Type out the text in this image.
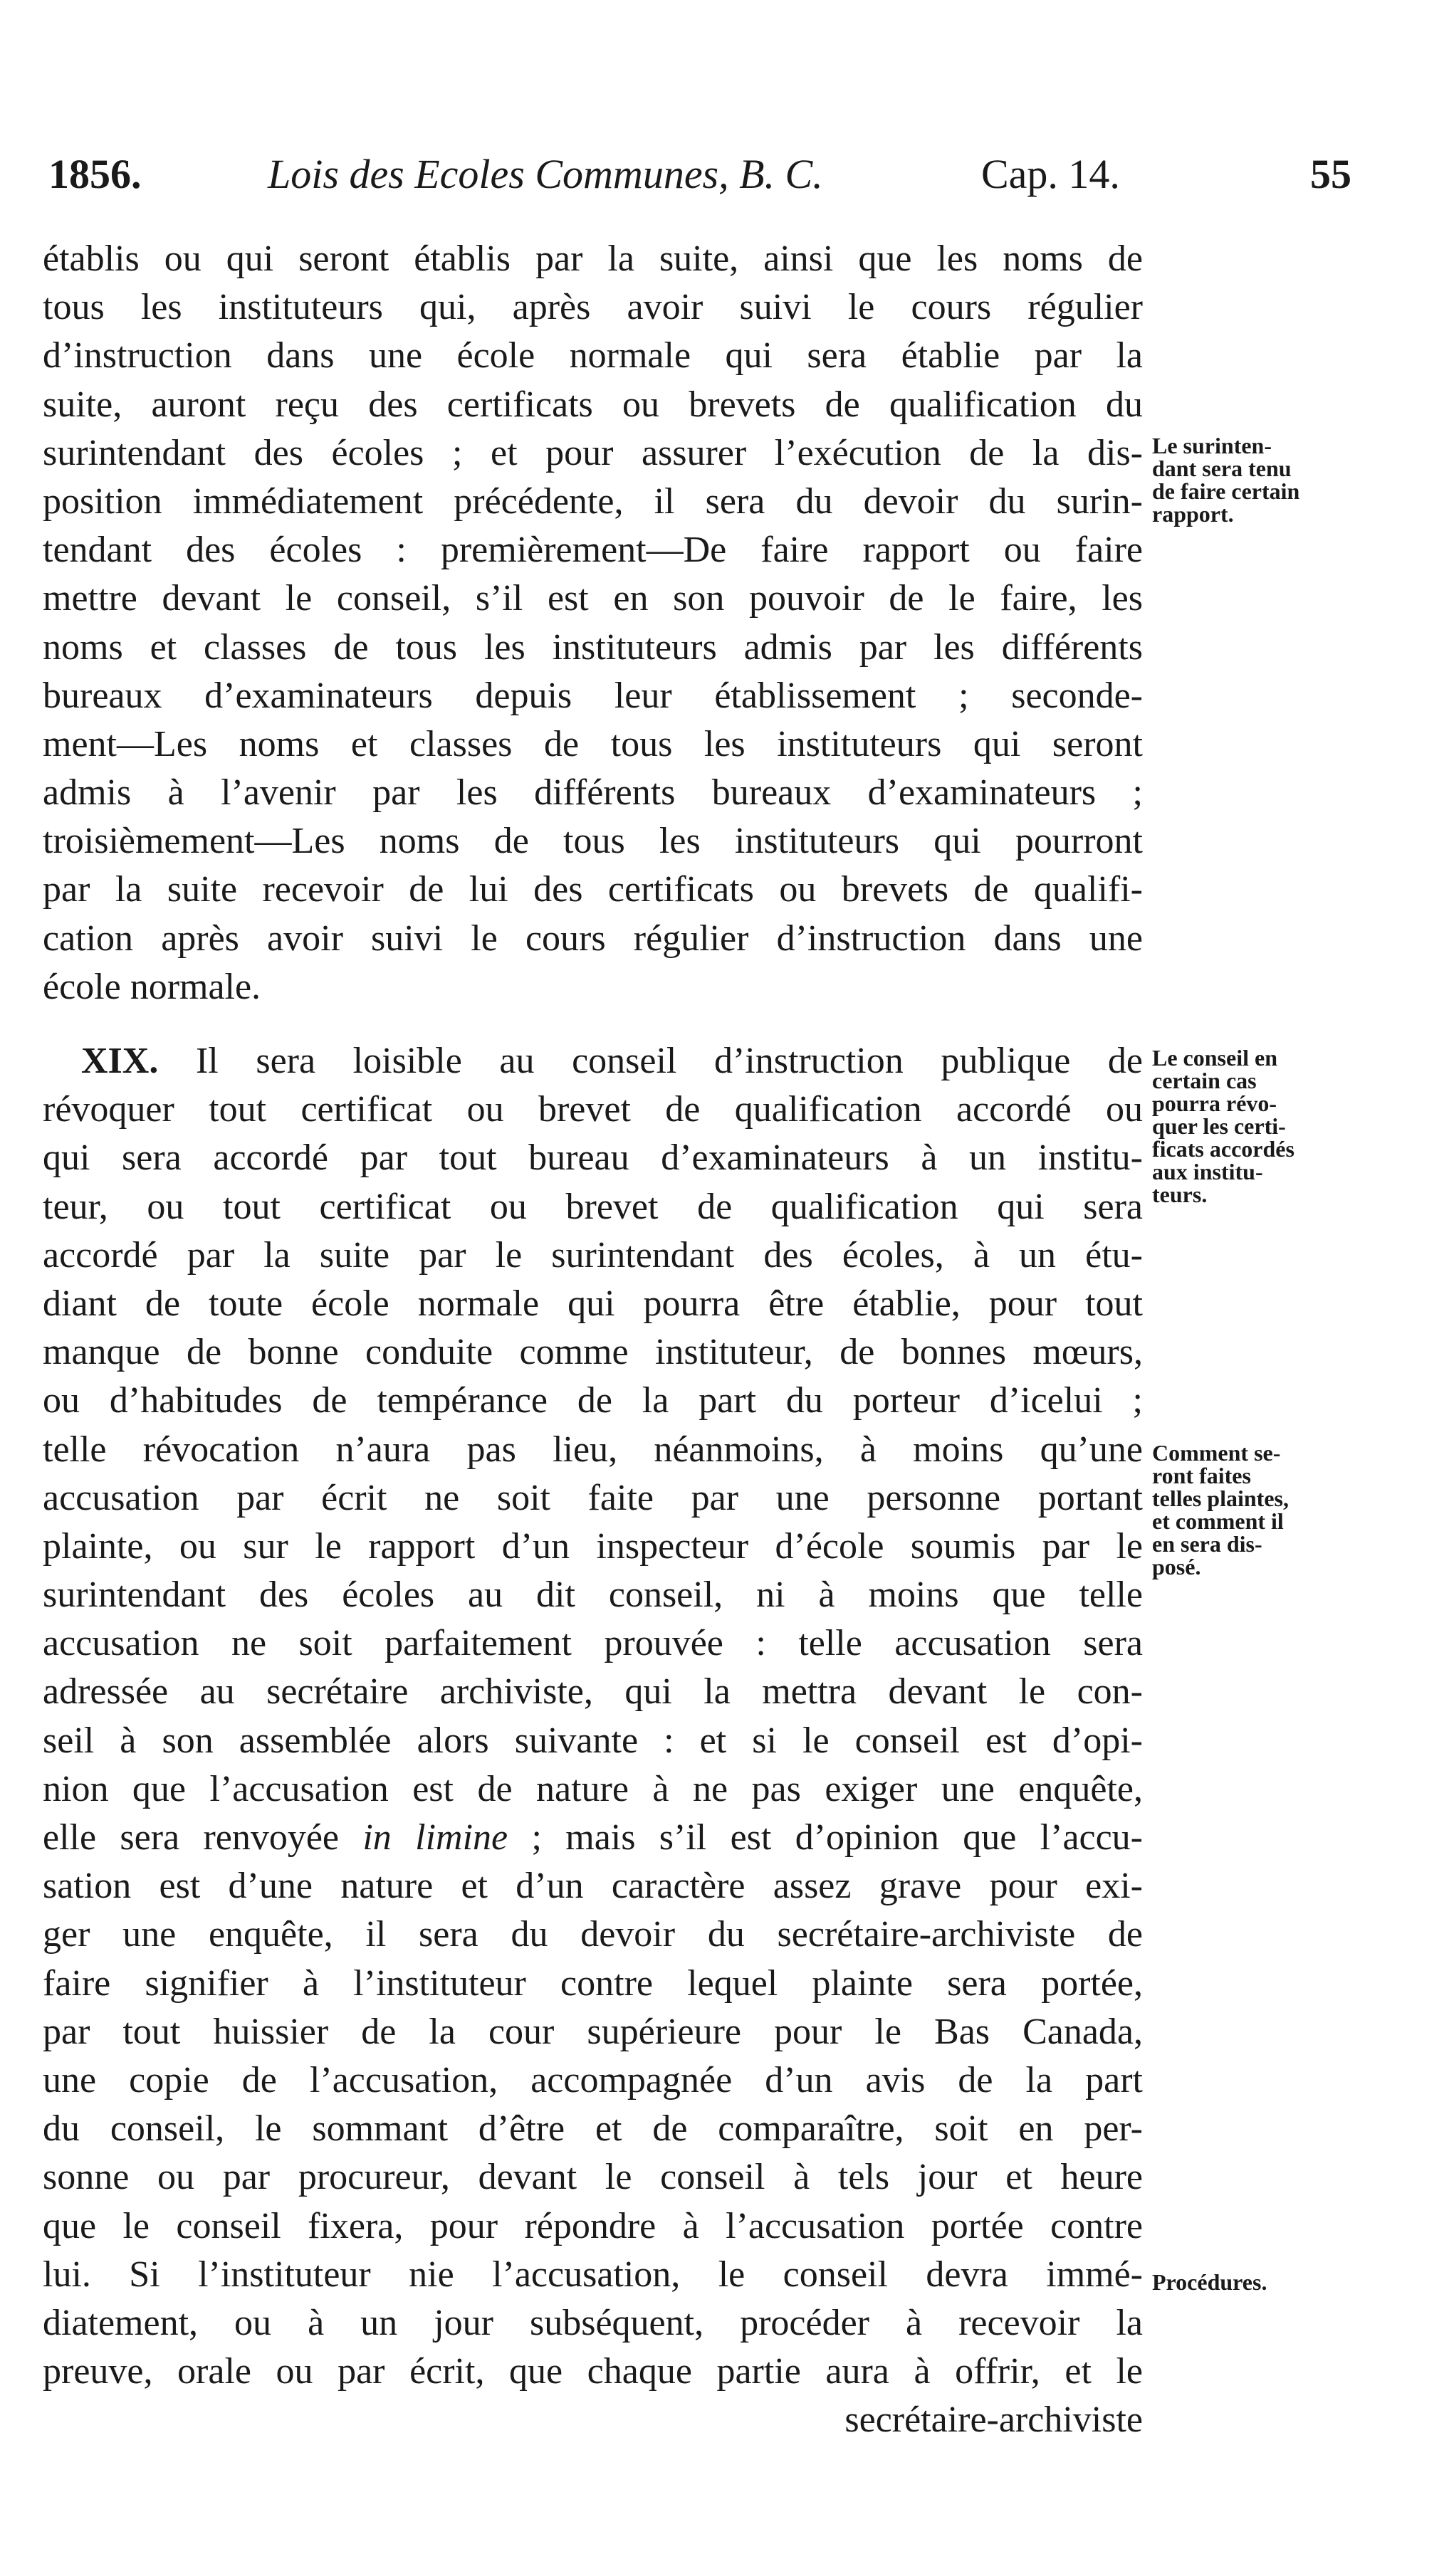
1856.	Lois des Ecoles Communes, B. C.	Cap. 14.	55
établis ou qui seront établis par la suite, ainsi que les noms de
tous les instituteurs qui, après avoir suivi le cours régulier
d’instruction dans une école normale qui sera établie par la
suite, auront reçu des certificats ou brevets de qualification du
surintendant des écoles ; et pour assurer l’exécution de la dis-
position immédiatement précédente, il sera du devoir du surin-
tendant des écoles : premièrement—De faire rapport ou faire
mettre devant le conseil, s’il est en son pouvoir de le faire, les
noms et classes de tous les instituteurs admis par les différents
bureaux d’examinateurs depuis leur établissement ; seconde-
ment—Les noms et classes de tous les instituteurs qui seront
admis à l’avenir par les différents bureaux d’examinateurs ;
troisièmement—Les noms de tous les instituteurs qui pourront
par la suite recevoir de lui des certificats ou brevets de qualifi-
cation après avoir suivi le cours régulier d’instruction dans une
école normale.
XIX. Il sera loisible au conseil d’instruction publique de
révoquer tout certificat ou brevet de qualification accordé ou
qui sera accordé par tout bureau d’examinateurs à un institu-
teur, ou tout certificat ou brevet de qualification qui sera
accordé par la suite par le surintendant des écoles, à un étu-
diant de toute école normale qui pourra être établie, pour tout
manque de bonne conduite comme instituteur, de bonnes mœurs,
ou d’habitudes de tempérance de la part du porteur d’icelui ;
telle révocation n’aura pas lieu, néanmoins, à moins qu’une
accusation par écrit ne soit faite par une personne portant
plainte, ou sur le rapport d’un inspecteur d’école soumis par le
surintendant des écoles au dit conseil, ni à moins que telle
accusation ne soit parfaitement prouvée : telle accusation sera
adressée au secrétaire archiviste, qui la mettra devant le con-
seil à son assemblée alors suivante : et si le conseil est d’opi-
nion que l’accusation est de nature à ne pas exiger une enquête,
elle sera renvoyée in limine ; mais s’il est d’opinion que l’accu-
sation est d’une nature et d’un caractère assez grave pour exi-
ger une enquête, il sera du devoir du secrétaire-archiviste de
faire signifier à l’instituteur contre lequel plainte sera portée,
par tout huissier de la cour supérieure pour le Bas Canada,
une copie de l’accusation, accompagnée d’un avis de la part
du conseil, le sommant d’être et de comparaître, soit en per-
sonne ou par procureur, devant le conseil à tels jour et heure
que le conseil fixera, pour répondre à l’accusation portée contre
lui. Si l’instituteur nie l’accusation, le conseil devra immé-
diatement, ou à un jour subséquent, procéder à recevoir la
preuve, orale ou par écrit, que chaque partie aura à offrir, et le
secrétaire-archiviste
Le surinten-
dant sera tenu
de faire certain
rapport.
Le conseil en
certain cas
pourra révo-
quer les certi-
ficats accordés
aux institu-
teurs.
Comment se-
ront faites
telles plaintes,
et comment il
en sera dis-
posé.
Procédures.
